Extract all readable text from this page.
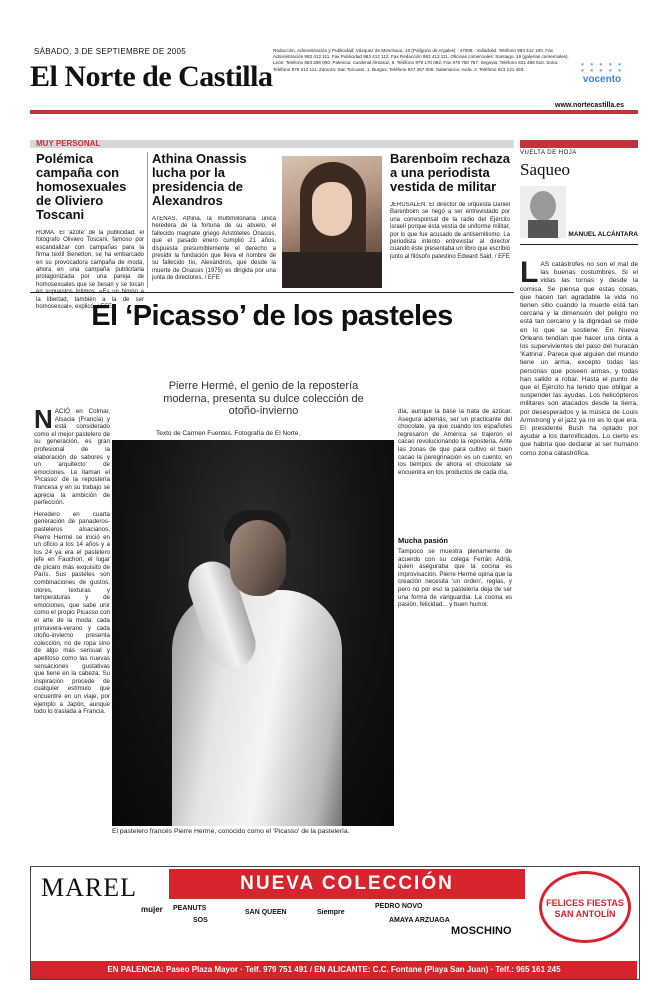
SÁBADO, 3 DE SEPTIEMBRE DE 2005
El Norte de Castilla
Redacción, Administración y Publicidad: Vázquez de Menchaca, 10 (Polígono de Argales) · 47008 · Valladolid. Teléfono 983 412 100. Fax Administración 983 412 111. Fax Publicidad 983 412 112. Fax Redacción 983 412 111. Oficinas comerciales: Santiago, 19 (galerías comerciales). León: Teléfono 983 366 000. Palencia: Cardenal Almaraz, 8. Teléfono 979 170 082. Fax 979 750 757. Segovia: Teléfono 921 466 610. Soria: Teléfono 975 212 111. Zamora: San Torcuato, 1. Burgos: Teléfono 947 257 000. Salamanca: Avda. 2. Teléfono 923 121 493.
● ● ● ● ●
● ● ● ● ●
vocento
www.nortecastilla.es
MUY PERSONAL
Polémica campaña con homosexuales de Oliviero Toscani
ROMA. El 'azote' de la publicidad, el fotógrafo Oliviero Toscani, famoso por escandalizar con campañas para la firma textil Benetton, se ha embarcado en su provocadora campaña de moda, ahora en una campaña publicitaria protagonizada por una pareja de homosexuales que se besan y se tocan la libertad, también a la de ser homosexual», explicó. / EFE
Athina Onassis lucha por la presidencia de Alexandros
ATENAS. Athina, la multimillonaria única heredera de la fortuna de su abuelo, el fallecido magnate griego Aristóteles Onassis, que el pasado enero cumplió 21 años, dispuesta presumiblemente el derecho a presidir la fundación que lleva el nombre de su fallecido tío, Alexandros, que desde la muerte de Onassis (1975) es dirigida por una junta de directores. / EFE
Barenboim rechaza a una periodista vestida de militar
JERUSALÉN. El director de orquesta Daniel Barenboim se negó a ser entrevistado por una corresponsal de la radio del Ejército israelí porque ésta vestía de uniforme militar, por lo que fue acusado de antisemitismo. La periodista intentó entrevistar al director cuando éste presentaba un libro que escribió junto al filósofo palestino Edward Said. / EFE
El ‘Picasso’ de los pasteles
NACIÓ en Colmar, Alsacia (Francia) y está considerado como el mejor pastelero de su generación, es gran profesional de la elaboración de sabores y un 'arquitecto' de emociones. Le llaman el 'Picasso' de la repostería francesa y en su trabajo se aprecia la ambición de perfección.
Heredero en cuarta generación de panaderos-pasteleros alsacianos, Pierre Hermé se inició en un oficio a los 14 años y a los 24 ya era el pastelero jefe en Fauchon, el lugar de pícaro más exquisito de París. Sus pasteles son combinaciones de gustos, olores, texturas y temperaturas y de emociones, que sabe unir como el propio Picasso con el arte de la moda: cada primavera-verano y cada otoño-invierno presenta colección, no de ropa sino de algo más sensual y apetitoso como las nuevas sensaciones gustativas que tiene en la cabeza. Su inspiración procede de cualquier estímulo que encuentre en un viaje, por ejemplo a Japón, aunque todo lo traslada a Francia.
Pierre Hermé, el genio de la repostería moderna, presenta su dulce colección de otoño-invierno
Texto de Carmen Fuentes. Fotografía de El Norte.
El pastelero francés Pierre Hermé, conocido como el 'Picasso' de la pastelería.
día, aunque la base la trata de azúcar. Asegura además, ser un practicante del chocolate, ya que cuando los españoles regresaron de América se trajeron el cacao revolucionando la repostería. Ante las zonas de que para cultivo el buen cacao la peregrinación es un cuento; en los tiempos de ahora el chocolate se encuentra en los productos de cada día.
Mucha pasión
Tampoco se muestra plenamente de acuerdo con su colega Ferrán Adrià, quien aseguraba que la cocina es improvisación. Pierre Hermé opina que la creación necesita 'un orden', reglas, y pero no por eso la pastelería deja de ser una forma de vanguardia. La cocina es pasión, felicidad... y buen humor.
VUELTA DE HOJA
Saqueo
MANUEL ALCÁNTARA
LAS catástrofes no son el mal de las buenas costumbres. Si el vidas las tornas y desde la cornisa. Se piensa que estas cosas, que hacen tan agradable la vida no tienen sitio cuando la muerte está tan cercana y la dimensión del peligro no está tan cercano y la dignidad se mide en lo que se sostiene. En Nueva Orleans tendían que hacer una cinta a los supervivientes del paso del huracán 'Katrina'. Parece que alguien del mundo tiene un arma, excepto todas las personas que poseen armas, y todas han salido a robar. Hasta el punto de que el Ejército ha tenido que obligar a suspender las ayudas. Los helicópteros militares son atacados desde la tierra, por desesperados y la música de Louis Armstrong y el jazz ya no es lo que era. El presidente Bush ha optado por ayudar a los damnificados. Lo cierto es que habría que declarar al ser humano como zona catastrófica.
MAREL
mujer
NUEVA COLECCIÓN
PEANUTS
SOS
SAN QUEEN	Siempre
PEDRO NOVO
AMAYA ARZUAGA
MOSCHINO
FELICES FIESTAS SAN ANTOLÍN
EN PALENCIA: Paseo Plaza Mayor · Telf. 979 751 491 / EN ALICANTE: C.C. Fontane (Playa San Juan) · Telf.: 965 161 245
